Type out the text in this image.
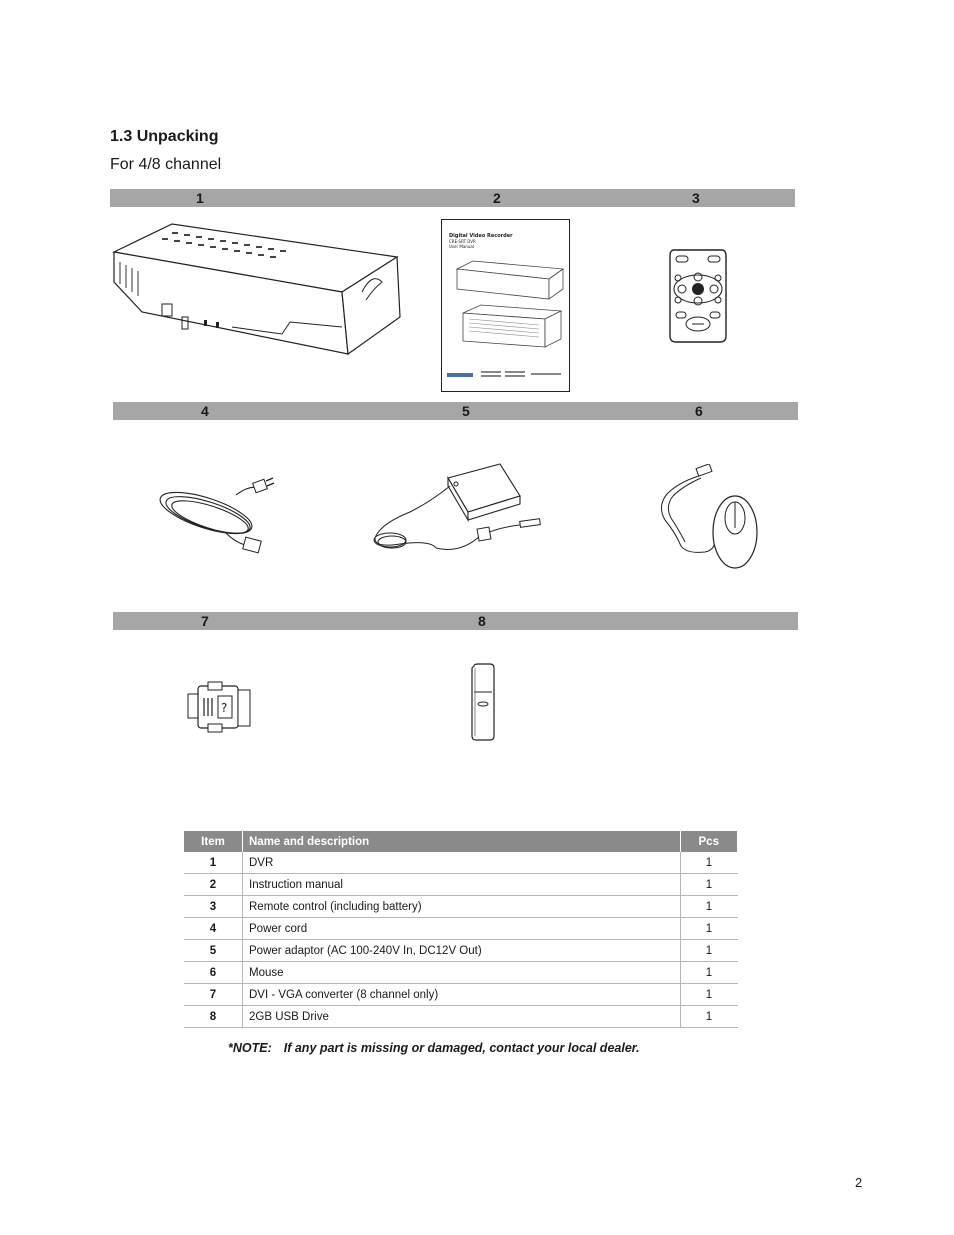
1.3 Unpacking
For 4/8 channel
1	2	3
Digital Video Recorder
CRE-SRT DVR
User Manual
4	5	6
7	8
?
Item	Name and description	Pcs
1	DVR	1
2	Instruction manual	1
3	Remote control (including battery)	1
4	Power cord	1
5	Power adaptor (AC 100-240V In, DC12V Out)	1
6	Mouse	1
7	DVI - VGA converter (8 channel only)	1
8	2GB USB Drive	1
*NOTE: If any part is missing or damaged, contact your local dealer.
2
